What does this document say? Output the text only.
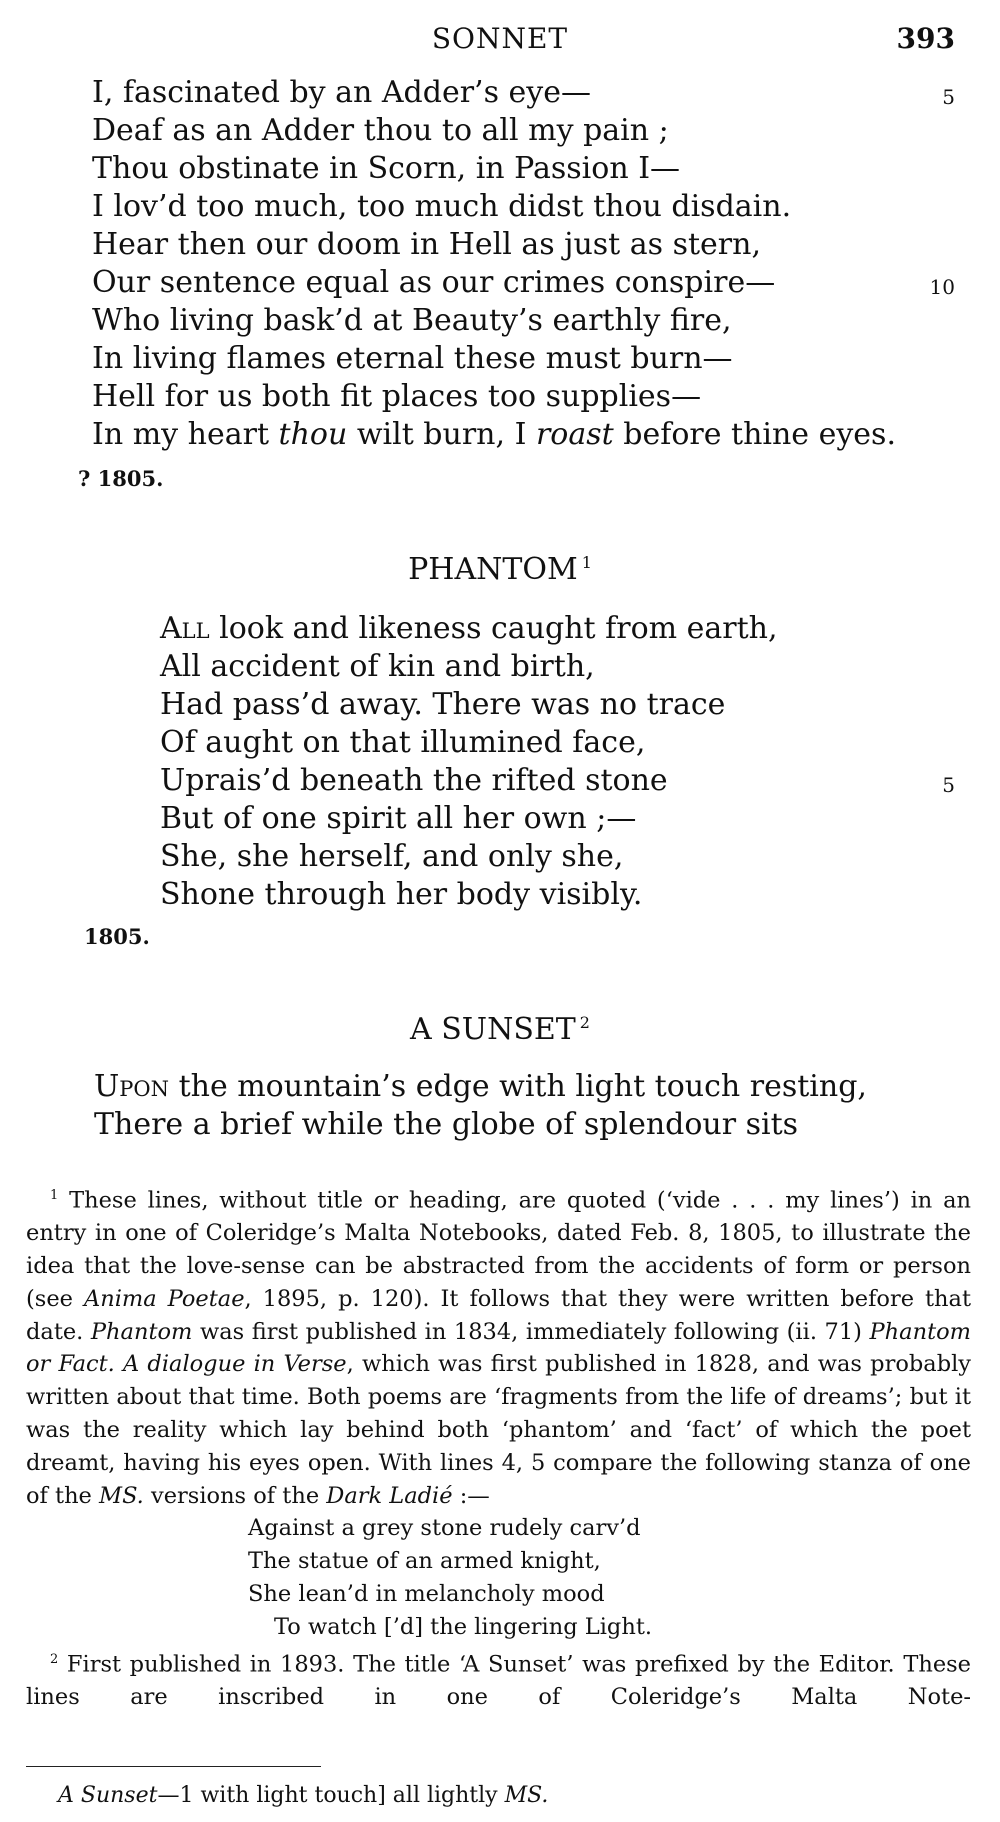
SONNET	393
I, fascinated by an Adder’s eye—	5
Deaf as an Adder thou to all my pain ;
Thou obstinate in Scorn, in Passion I—
I lov’d too much, too much didst thou disdain.
Hear then our doom in Hell as just as stern,
Our sentence equal as our crimes conspire—	10
Who living bask’d at Beauty’s earthly fire,
In living flames eternal these must burn—
Hell for us both fit places too supplies—
In my heart thou wilt burn, I roast before thine eyes.
? 1805.
PHANTOM $^1$
All look and likeness caught from earth,
All accident of kin and birth,
Had pass’d away. There was no trace
Of aught on that illumined face,
Uprais’d beneath the rifted stone	5
But of one spirit all her own ;—
She, she herself, and only she,
Shone through her body visibly.
1805.
A SUNSET $^2$
Upon the mountain’s edge with light touch resting,
There a brief while the globe of splendour sits

$^1$ These lines, without title or heading, are quoted (‘vide . . . my lines’) in an entry in one of Coleridge’s Malta Notebooks, dated Feb. 8, 1805, to illustrate the idea that the love-sense can be abstracted from the accidents of form or person (see Anima Poetae, 1895, p. 120). It follows that they were written before that date. Phantom was first published in 1834, immediately following (ii. 71) Phantom or Fact. A dialogue in Verse, which was first published in 1828, and was probably written about that time. Both poems are ‘fragments from the life of dreams’; but it was the reality which lay behind both ‘phantom’ and ‘fact’ of which the poet dreamt, having his eyes open. With lines 4, 5 compare the following stanza of one of the MS. versions of the Dark Ladié :—

Against a grey stone rudely carv’d
The statue of an armed knight,
She lean’d in melancholy mood
To watch [’d] the lingering Light.

$^2$ First published in 1893. The title ‘A Sunset’ was prefixed by the Editor. These lines are inscribed in one of Coleridge’s Malta Note-

A Sunset—1 with light touch] all lightly MS.
